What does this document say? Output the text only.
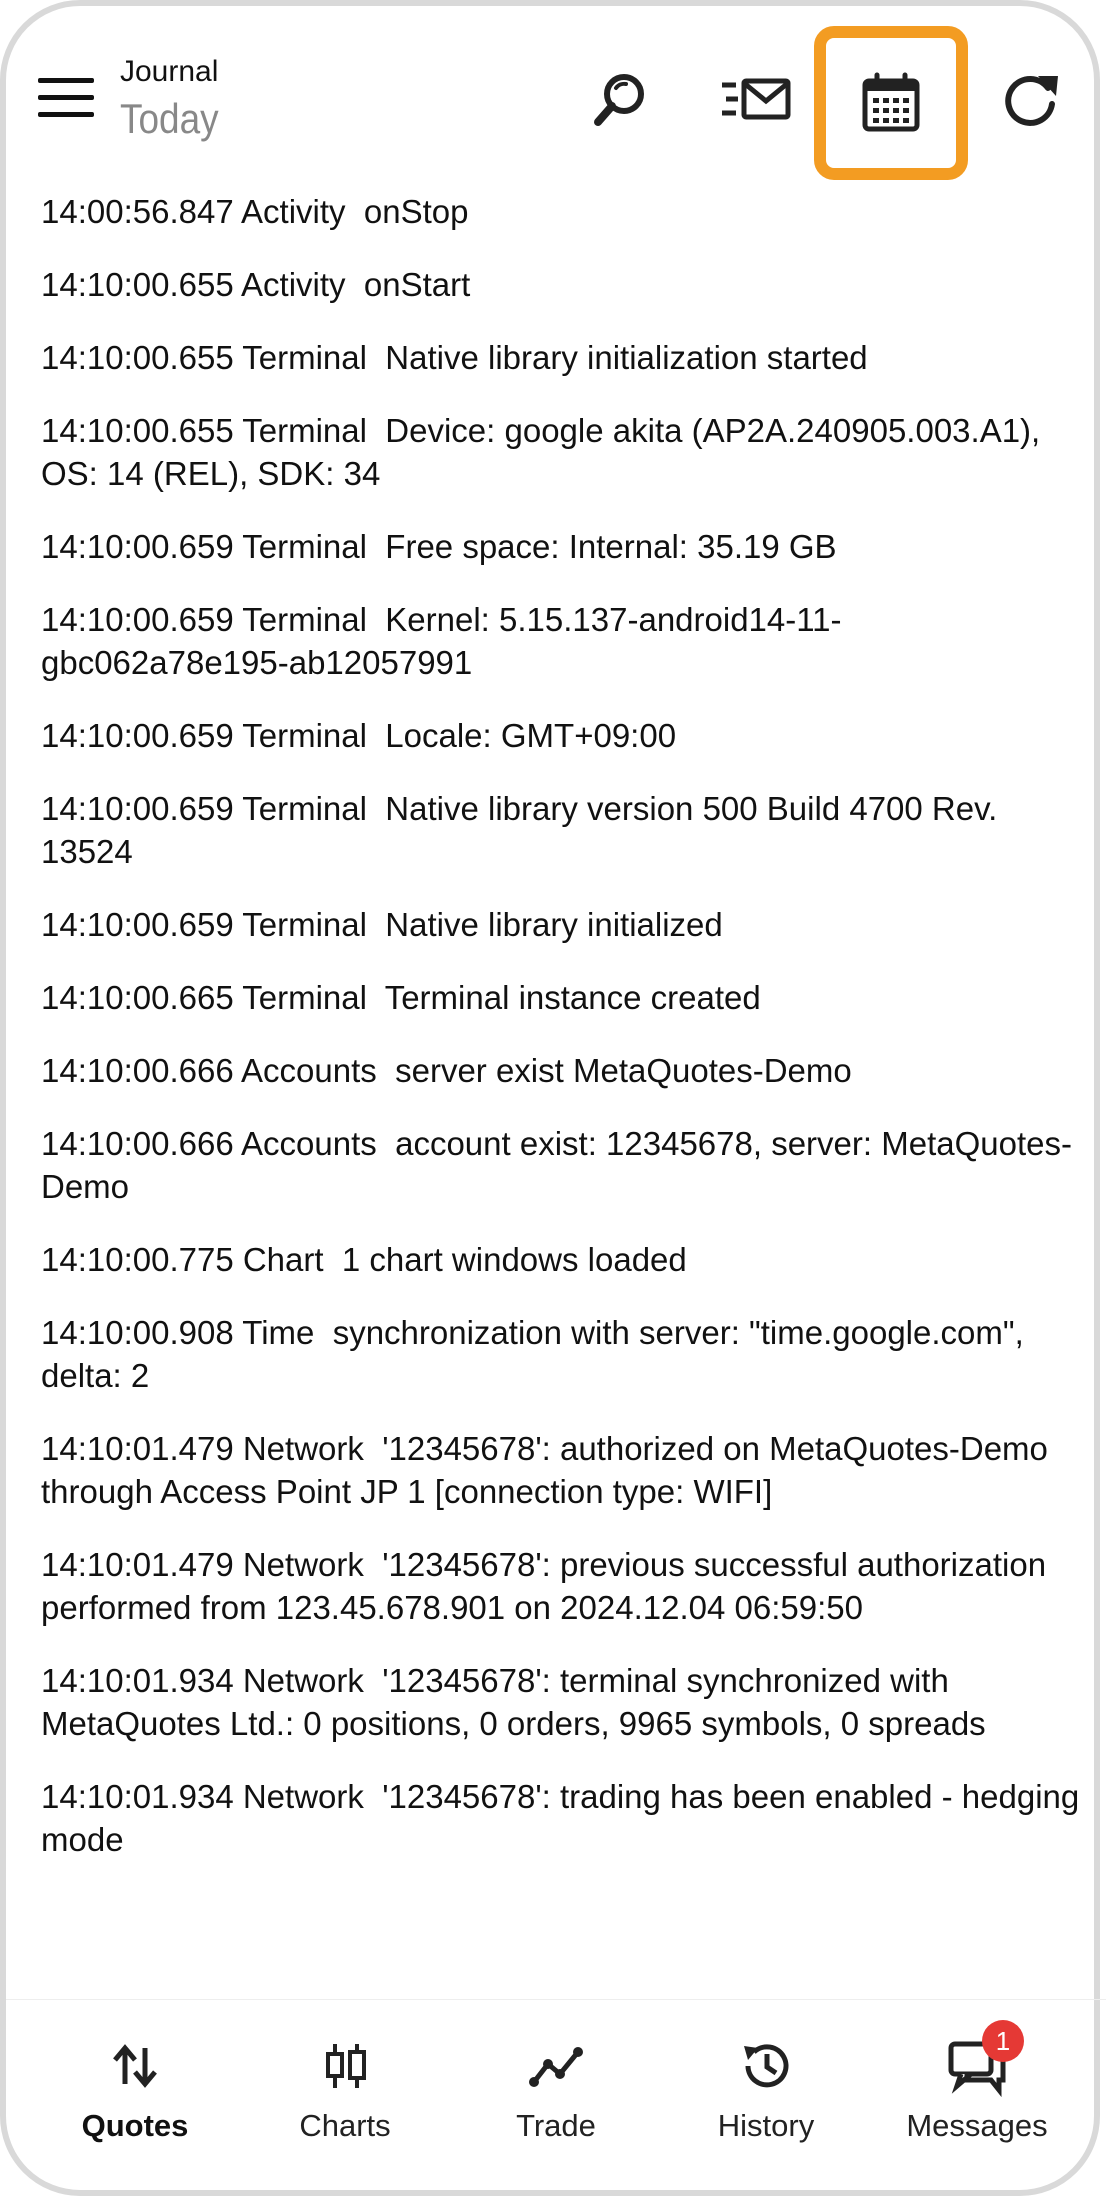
Journal
Today

14:00:56.847 Activity  onStop

14:10:00.655 Activity  onStart

14:10:00.655 Terminal  Native library initialization started

14:10:00.655 Terminal  Device: google akita (AP2A.240905.003.A1), OS: 14 (REL), SDK: 34

14:10:00.659 Terminal  Free space: Internal: 35.19 GB

14:10:00.659 Terminal  Kernel: 5.15.137-android14-11-gbc062a78e195-ab12057991

14:10:00.659 Terminal  Locale: GMT+09:00

14:10:00.659 Terminal  Native library version 500 Build 4700 Rev. 13524

14:10:00.659 Terminal  Native library initialized

14:10:00.665 Terminal  Terminal instance created

14:10:00.666 Accounts  server exist MetaQuotes-Demo

14:10:00.666 Accounts  account exist: 12345678, server: MetaQuotes-Demo

14:10:00.775 Chart  1 chart windows loaded

14:10:00.908 Time  synchronization with server: "time.google.com", delta: 2

14:10:01.479 Network  '12345678': authorized on MetaQuotes-Demo through Access Point JP 1 [connection type: WIFI]

14:10:01.479 Network  '12345678': previous successful authorization performed from 123.45.678.901 on 2024.12.04 06:59:50

14:10:01.934 Network  '12345678': terminal synchronized with MetaQuotes Ltd.: 0 positions, 0 orders, 9965 symbols, 0 spreads

14:10:01.934 Network  '12345678': trading has been enabled - hedging mode

Quotes	Charts	Trade	History
1
Messages
